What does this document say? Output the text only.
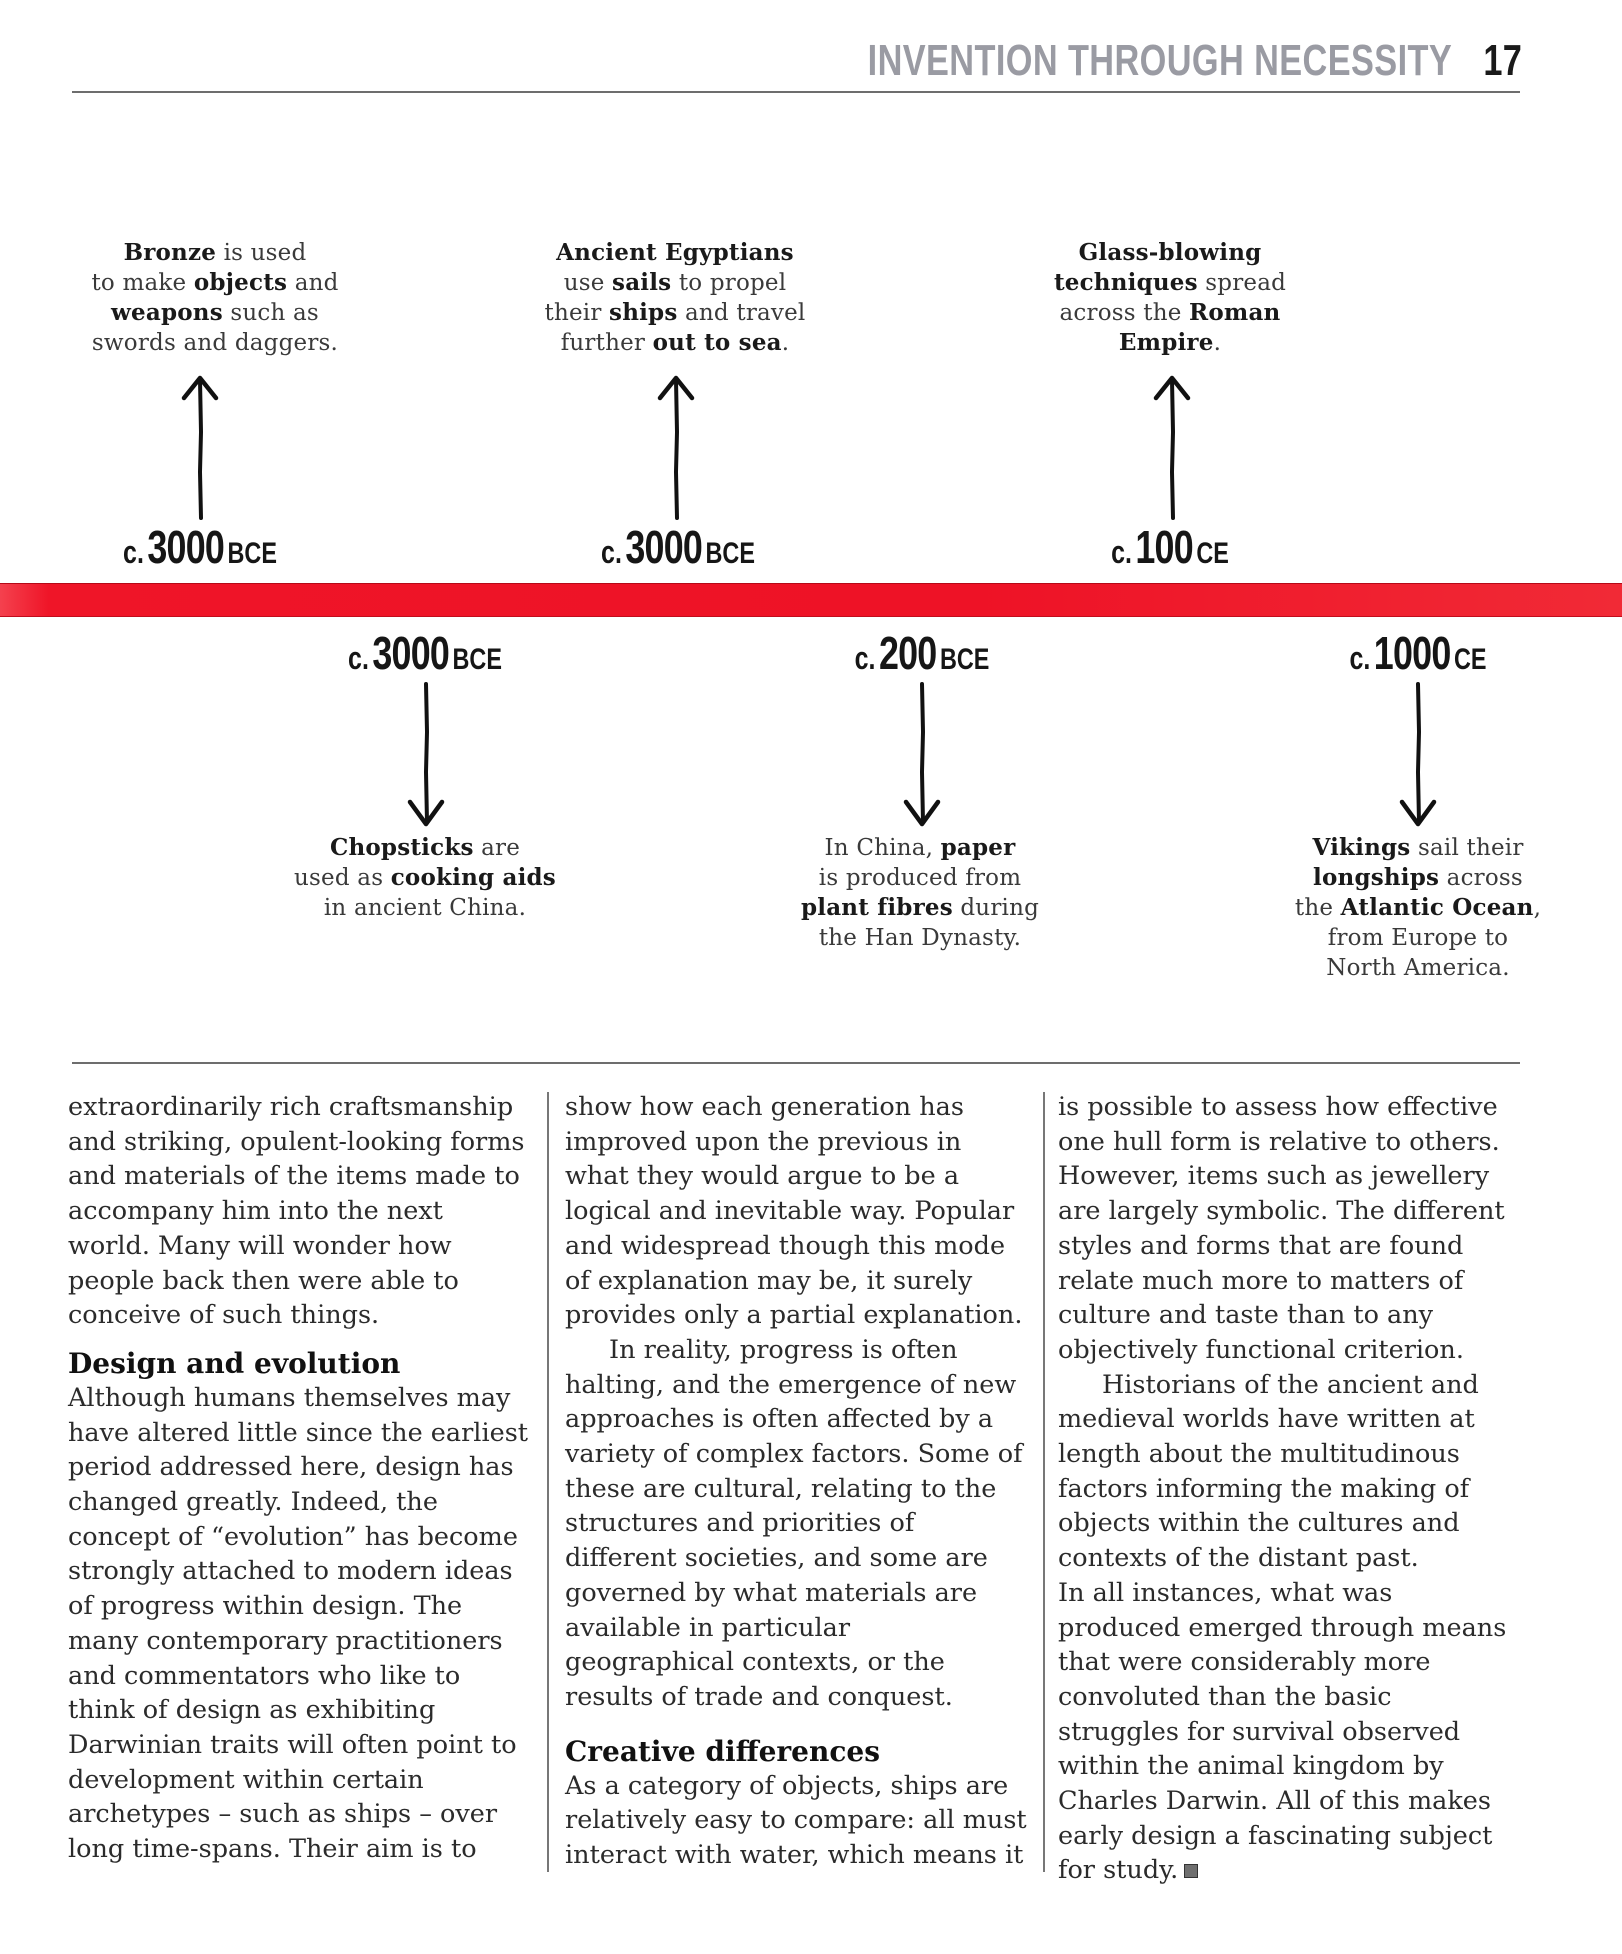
INVENTION THROUGH NECESSITY 17
Bronze is used
to make objects and
weapons such as
swords and daggers.
c. 3000 BCE
Ancient Egyptians
use sails to propel
their ships and travel
further out to sea.
c. 3000 BCE
Glass-blowing
techniques spread
across the Roman
Empire.
c. 100 CE
c. 3000 BCE
Chopsticks are
used as cooking aids
in ancient China.
c. 200 BCE
In China, paper
is produced from
plant fibres during
the Han Dynasty.
c. 1000 CE
Vikings sail their
longships across
the Atlantic Ocean,
from Europe to
North America.

extraordinarily rich craftsmanship and striking, opulent-looking forms and materials of the items made to accompany him into the next world. Many will wonder how people back then were able to conceive of such things.

Design and evolution

Although humans themselves may have altered little since the earliest period addressed here, design has changed greatly. Indeed, the concept of “evolution” has become strongly attached to modern ideas of progress within design. The many contemporary practitioners and commentators who like to think of design as exhibiting Darwinian traits will often point to development within certain archetypes – such as ships – over long time-spans. Their aim is to

show how each generation has improved upon the previous in what they would argue to be a logical and inevitable way. Popular and widespread though this mode of explanation may be, it surely provides only a partial explanation.

In reality, progress is often halting, and the emergence of new approaches is often affected by a variety of complex factors. Some of these are cultural, relating to the structures and priorities of different societies, and some are governed by what materials are available in particular geographical contexts, or the results of trade and conquest.

Creative differences

As a category of objects, ships are relatively easy to compare: all must interact with water, which means it

is possible to assess how effective one hull form is relative to others. However, items such as jewellery are largely symbolic. The different styles and forms that are found relate much more to matters of culture and taste than to any objectively functional criterion.

Historians of the ancient and medieval worlds have written at length about the multitudinous factors informing the making of objects within the cultures and contexts of the distant past.

In all instances, what was produced emerged through means that were considerably more convoluted than the basic struggles for survival observed within the animal kingdom by Charles Darwin. All of this makes early design a fascinating subject for study.
